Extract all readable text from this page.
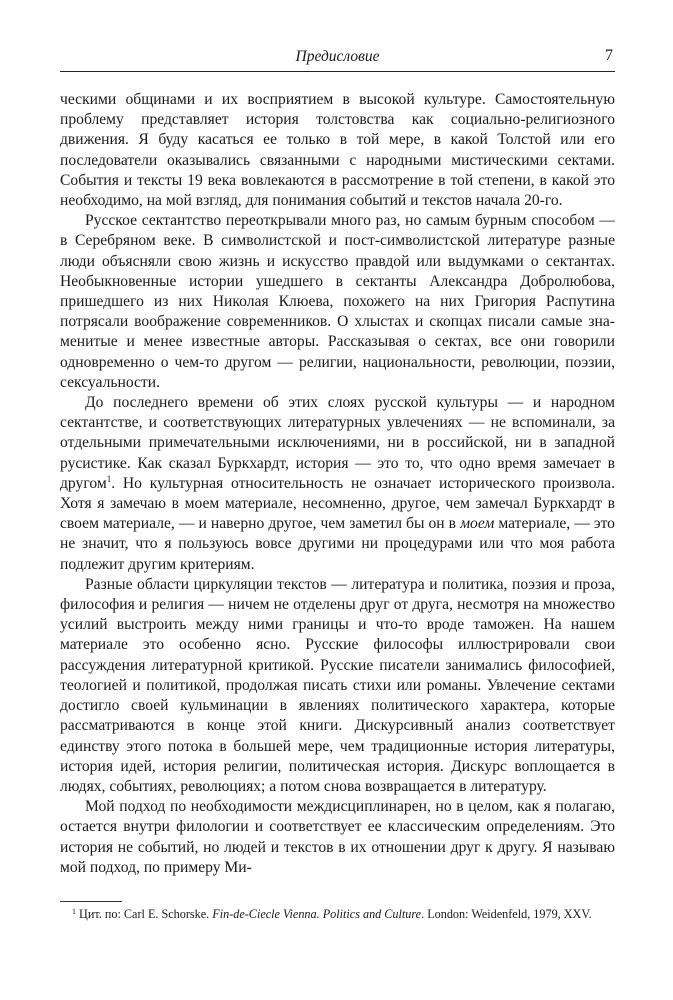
Предисловие	7

ческими общинами и их восприятием в высокой культуре. Самостоятельную проблему представляет история толстовства как социально-религиозного движения. Я буду касаться ее только в той мере, в какой Толстой или его последователи оказывались связанными с народными мистическими сектами. События и тексты 19 века вовлекаются в рассмотрение в той степени, в какой это необходимо, на мой взгляд, для понимания событий и текстов начала 20-го.

Русское сектантство переоткрывали много раз, но самым бурным способом — в Серебряном веке. В символистской и пост-символистской литературе разные люди объясняли свою жизнь и искусство правдой или выдумками о сектантах. Необыкновенные истории ушедшего в сектанты Александра Добролюбова, пришедшего из них Николая Клюева, похожего на них Григория Распутина потрясали воображение современников. О хлыстах и скопцах писали самые знаменитые и менее известные авторы. Рассказывая о сектах, все они говорили одновременно о чем-то другом — религии, национальности, революции, поэзии, сексуальности.

До последнего времени об этих слоях русской культуры — и народном сектантстве, и соответствующих литературных увлечениях — не вспоминали, за отдельными примечательными исключениями, ни в российской, ни в западной русистике. Как сказал Буркхардт, история — это то, что одно время замечает в другом$^1$. Но культурная относительность не означает исторического произвола. Хотя я замечаю в моем материале, несомненно, другое, чем замечал Буркхардт в своем материале, — и наверно другое, чем заметил бы он в моем материале, — это не значит, что я пользуюсь вовсе другими ни процедурами или что моя работа подлежит другим критериям.

Разные области циркуляции текстов — литература и политика, поэзия и проза, философия и религия — ничем не отделены друг от друга, несмотря на множество усилий выстроить между ними границы и что-то вроде таможен. На нашем материале это особенно ясно. Русские философы иллюстрировали свои рассуждения литературной критикой. Русские писатели занимались философией, теологией и политикой, продолжая писать стихи или романы. Увлечение сектами достигло своей кульминации в явлениях политического характера, которые рассматриваются в конце этой книги. Дискурсивный анализ соответствует единству этого потока в большей мере, чем традиционные история литературы, история идей, история религии, политическая история. Дискурс воплощается в людях, событиях, революциях; а потом снова возвращается в литературу.

Мой подход по необходимости междисциплинарен, но в целом, как я полагаю, остается внутри филологии и соответствует ее классическим определениям. Это история не событий, но людей и текстов в их отношении друг к другу. Я называю мой подход, по примеру Ми-

$^1$ Цит. по: Carl E. Schorske. Fin-de-Ciecle Vienna. Politics and Culture. London: Weidenfeld, 1979, XXV.
